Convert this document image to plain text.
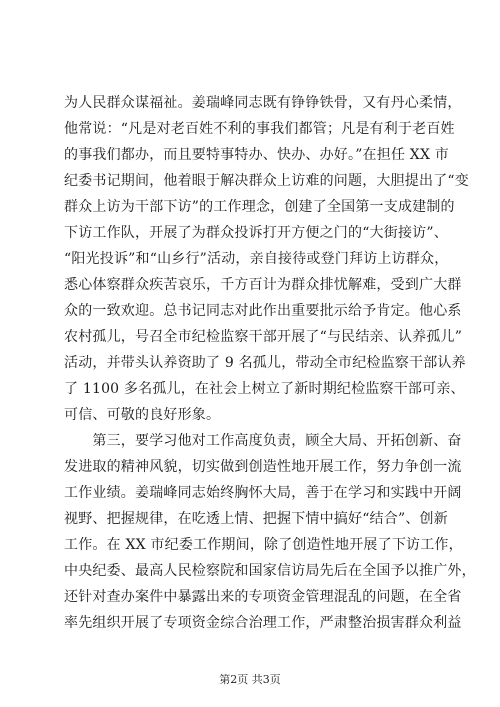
为人民群众谋福祉。姜瑞峰同志既有铮铮铁骨，又有丹心柔情，
他常说：“凡是对老百姓不利的事我们都管；凡是有利于老百姓
的事我们都办，而且要特事特办、快办、办好。”在担任 XX 市
纪委书记期间，他着眼于解决群众上访难的问题，大胆提出了“变
群众上访为干部下访”的工作理念，创建了全国第一支成建制的
下访工作队，开展了为群众投诉打开方便之门的“大街接访”、
“阳光投诉”和“山乡行”活动，亲自接待或登门拜访上访群众，
悉心体察群众疾苦哀乐，千方百计为群众排忧解难，受到广大群
众的一致欢迎。总书记同志对此作出重要批示给予肯定。他心系
农村孤儿，号召全市纪检监察干部开展了“与民结亲、认养孤儿”
活动，并带头认养资助了 9 名孤儿，带动全市纪检监察干部认养
了 1100 多名孤儿，在社会上树立了新时期纪检监察干部可亲、
可信、可敬的良好形象。
　　第三，要学习他对工作高度负责，顾全大局、开拓创新、奋
发进取的精神风貌，切实做到创造性地开展工作，努力争创一流
工作业绩。姜瑞峰同志始终胸怀大局，善于在学习和实践中开阔
视野、把握规律，在吃透上情、把握下情中搞好“结合”、创新
工作。在 XX 市纪委工作期间，除了创造性地开展了下访工作，
中央纪委、最高人民检察院和国家信访局先后在全国予以推广外，
还针对查办案件中暴露出来的专项资金管理混乱的问题，在全省
率先组织开展了专项资金综合治理工作，严肃整治损害群众利益
第2页 共3页
